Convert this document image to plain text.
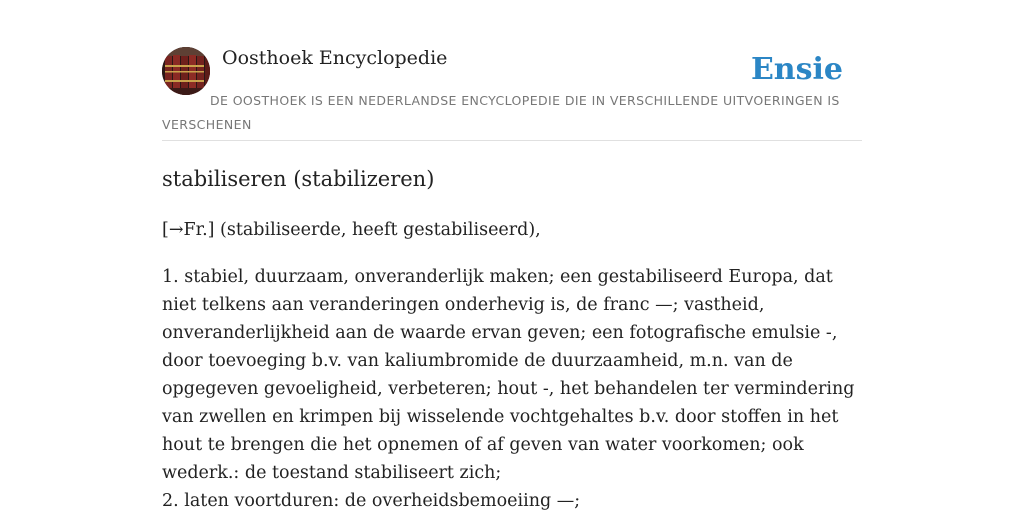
Oosthoek Encyclopedie	Ensie
DE OOSTHOEK IS EEN NEDERLANDSE ENCYCLOPEDIE DIE IN VERSCHILLENDE UITVOERINGEN IS VERSCHENEN
stabiliseren (stabilizeren)

[→Fr.] (stabiliseerde, heeft gestabiliseerd),

1. stabiel, duurzaam, onveranderlijk maken; een gestabiliseerd Europa, dat niet telkens aan veranderingen onderhevig is, de franc —; vastheid, onveranderlijkheid aan de waarde ervan geven; een fotografische emulsie -, door toevoeging b.v. van kaliumbromide de duurzaamheid, m.n. van de opgegeven gevoeligheid, verbeteren; hout -, het behandelen ter vermindering van zwellen en krimpen bij wisselende vochtgehaltes b.v. door stoffen in het hout te brengen die het opnemen of af geven van water voorkomen; ook wederk.: de toestand stabiliseert zich;

2. laten voortduren: de overheidsbemoeiing —;
